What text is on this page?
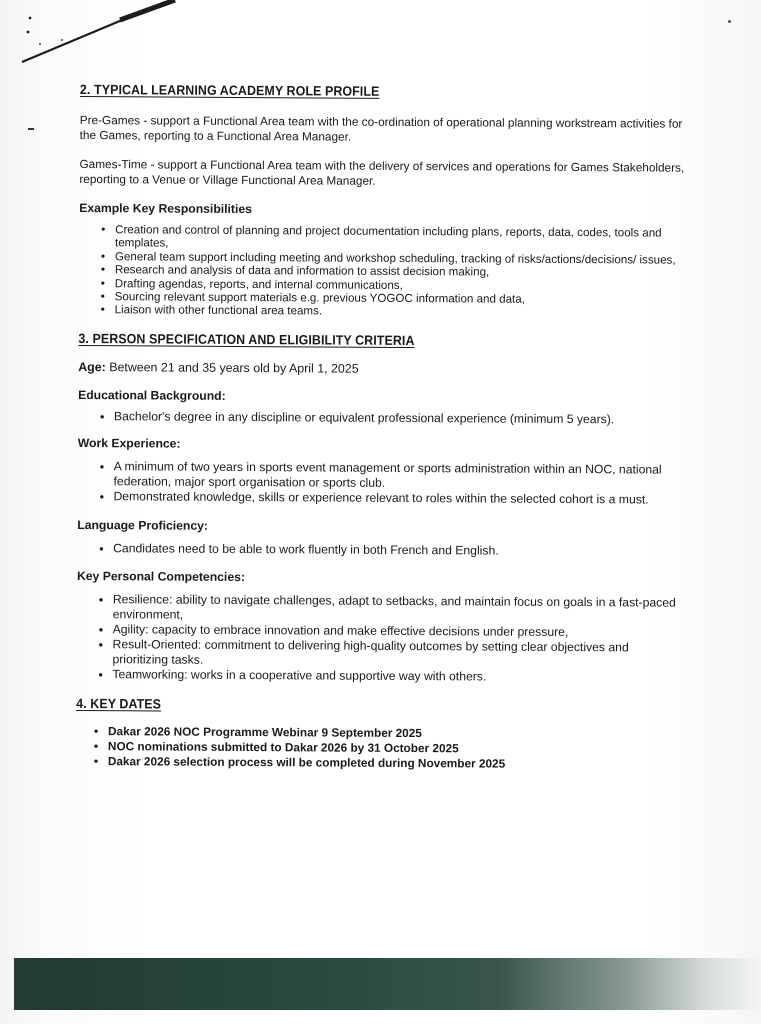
2. TYPICAL LEARNING ACADEMY ROLE PROFILE

Pre-Games - support a Functional Area team with the co-ordination of operational planning workstream activities for the Games, reporting to a Functional Area Manager.

Games-Time - support a Functional Area team with the delivery of services and operations for Games Stakeholders, reporting to a Venue or Village Functional Area Manager.

Example Key Responsibilities

• Creation and control of planning and project documentation including plans, reports, data, codes, tools and templates,
• General team support including meeting and workshop scheduling, tracking of risks/actions/decisions/ issues,
• Research and analysis of data and information to assist decision making,
• Drafting agendas, reports, and internal communications,
• Sourcing relevant support materials e.g. previous YOGOC information and data,
• Liaison with other functional area teams.
3. PERSON SPECIFICATION AND ELIGIBILITY CRITERIA

Age: Between 21 and 35 years old by April 1, 2025

Educational Background:

• Bachelor's degree in any discipline or equivalent professional experience (minimum 5 years).

Work Experience:

• A minimum of two years in sports event management or sports administration within an NOC, national federation, major sport organisation or sports club.
• Demonstrated knowledge, skills or experience relevant to roles within the selected cohort is a must.

Language Proficiency:

• Candidates need to be able to work fluently in both French and English.

Key Personal Competencies:

• Resilience: ability to navigate challenges, adapt to setbacks, and maintain focus on goals in a fast-paced environment,
• Agility: capacity to embrace innovation and make effective decisions under pressure,
• Result-Oriented: commitment to delivering high-quality outcomes by setting clear objectives and prioritizing tasks.
• Teamworking: works in a cooperative and supportive way with others.
4. KEY DATES
• Dakar 2026 NOC Programme Webinar 9 September 2025
• NOC nominations submitted to Dakar 2026 by 31 October 2025
• Dakar 2026 selection process will be completed during November 2025
